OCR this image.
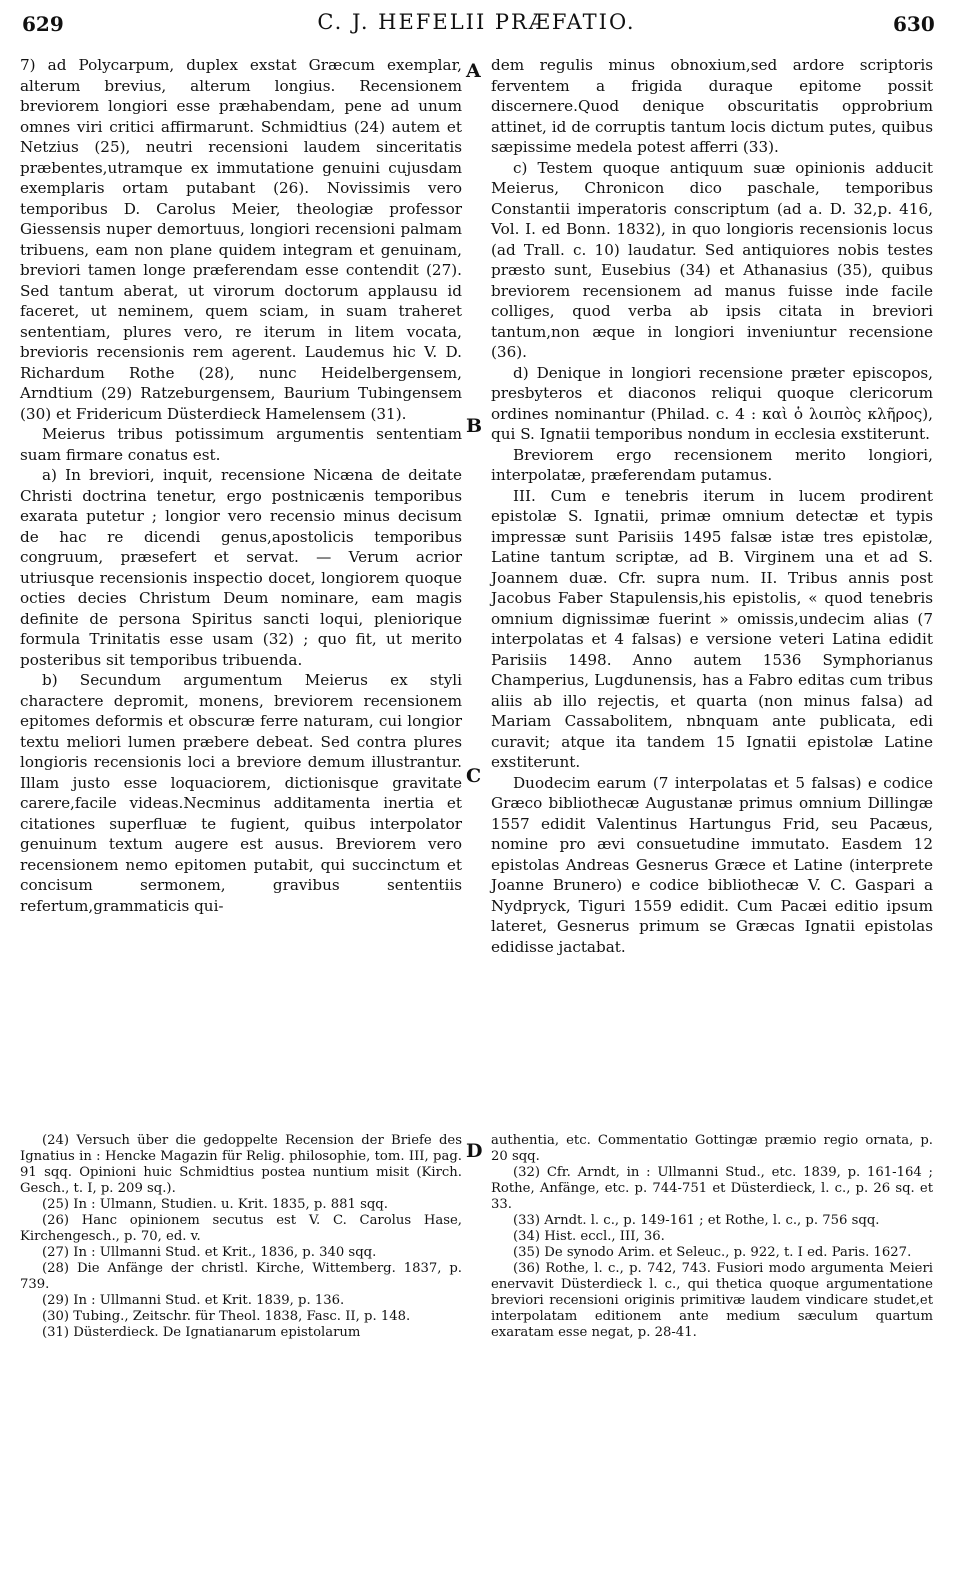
629	C. J. HEFELII PRÆFATIO.	630

7) ad Polycarpum, duplex exstat Græcum exemplar, alterum brevius, alterum longius. Recensionem breviorem longiori esse præhabendam, pene ad unum omnes viri critici affirmarunt. Schmidtius (24) autem et Netzius (25), neutri recensioni laudem sinceritatis præbentes,utramque ex immutatione genuini cujusdam exemplaris ortam putabant (26). Novissimis vero temporibus D. Carolus Meier, theologiæ professor Giessensis nuper demortuus, longiori recensioni palmam tribuens, eam non plane quidem integram et genuinam, breviori tamen longe præferendam esse contendit (27). Sed tantum aberat, ut virorum doctorum applausu id faceret, ut neminem, quem sciam, in suam traheret sententiam, plures vero, re iterum in litem vocata, brevioris recensionis rem agerent. Laudemus hic V. D. Richardum Rothe (28), nunc Heidelbergensem, Arndtium (29) Ratzeburgensem, Baurium Tubingensem (30) et Fridericum Düsterdieck Hamelensem (31).

Meierus tribus potissimum argumentis sententiam suam firmare conatus est.

a) In breviori, inquit, recensione Nicæna de deitate Christi doctrina tenetur, ergo postnicænis temporibus exarata putetur ; longior vero recensio minus decisum de hac re dicendi genus,apostolicis temporibus congruum, præsefert et servat. — Verum acrior utriusque recensionis inspectio docet, longiorem quoque octies decies Christum Deum nominare, eam magis definite de persona Spiritus sancti loqui, pleniorique formula Trinitatis esse usam (32) ; quo fit, ut merito posteribus sit temporibus tribuenda.

b) Secundum argumentum Meierus ex styli charactere depromit, monens, breviorem recensionem epitomes deformis et obscuræ ferre naturam, cui longior textu meliori lumen præbere debeat. Sed contra plures longioris recensionis loci a breviore demum illustrantur. Illam justo esse loquaciorem, dictionisque gravitate carere,facile videas.Necminus additamenta inertia et citationes superfluæ te fugient, quibus interpolator genuinum textum augere est ausus. Breviorem vero recensionem nemo epitomen putabit, qui succinctum et concisum sermonem, gravibus sententiis refertum,grammaticis qui-

dem regulis minus obnoxium,sed ardore scriptoris ferventem a frigida duraque epitome possit discernere.Quod denique obscuritatis opprobrium attinet, id de corruptis tantum locis dictum putes, quibus sæpissime medela potest afferri (33).

c) Testem quoque antiquum suæ opinionis adducit Meierus, Chronicon dico paschale, temporibus Constantii imperatoris conscriptum (ad a. D. 32,p. 416, Vol. I. ed Bonn. 1832), in quo longioris recensionis locus (ad Trall. c. 10) laudatur. Sed antiquiores nobis testes præsto sunt, Eusebius (34) et Athanasius (35), quibus breviorem recensionem ad manus fuisse inde facile colliges, quod verba ab ipsis citata in breviori tantum,non æque in longiori inveniuntur recensione (36).

d) Denique in longiori recensione præter episcopos, presbyteros et diaconos reliqui quoque clericorum ordines nominantur (Philad. c. 4 : καὶ ὁ λοιπὸς κλῆρος), qui S. Ignatii temporibus nondum in ecclesia exstiterunt.

Breviorem ergo recensionem merito longiori, interpolatæ, præferendam putamus.

III. Cum e tenebris iterum in lucem prodirent epistolæ S. Ignatii, primæ omnium detectæ et typis impressæ sunt Parisiis 1495 falsæ istæ tres epistolæ, Latine tantum scriptæ, ad B. Virginem una et ad S. Joannem duæ. Cfr. supra num. II. Tribus annis post Jacobus Faber Stapulensis,his epistolis, « quod tenebris omnium dignissimæ fuerint » omissis,undecim alias (7 interpolatas et 4 falsas) e versione veteri Latina edidit Parisiis 1498. Anno autem 1536 Symphorianus Champerius, Lugdunensis, has a Fabro editas cum tribus aliis ab illo rejectis, et quarta (non minus falsa) ad Mariam Cassabolitem, nbnquam ante publicata, edi curavit; atque ita tandem 15 Ignatii epistolæ Latine exstiterunt.

Duodecim earum (7 interpolatas et 5 falsas) e codice Græco bibliothecæ Augustanæ primus omnium Dillingæ 1557 edidit Valentinus Hartungus Frid, seu Pacæus, nomine pro ævi consuetudine immutato. Easdem 12 epistolas Andreas Gesnerus Græce et Latine (interprete Joanne Brunero) e codice bibliothecæ V. C. Gaspari a Nydpryck, Tiguri 1559 edidit. Cum Pacæi editio ipsum lateret, Gesnerus primum se Græcas Ignatii epistolas edidisse jactabat.

A
B
C
D

(24) Versuch über die gedoppelte Recension der Briefe des Ignatius in : Hencke Magazin für Relig. philosophie, tom. III, pag. 91 sqq. Opinioni huic Schmidtius postea nuntium misit (Kirch. Gesch., t. I, p. 209 sq.).

(25) In : Ulmann, Studien. u. Krit. 1835, p. 881 sqq.

(26) Hanc opinionem secutus est V. C. Carolus Hase, Kirchengesch., p. 70, ed. v.

(27) In : Ullmanni Stud. et Krit., 1836, p. 340 sqq.

(28) Die Anfänge der christl. Kirche, Wittemberg. 1837, p. 739.

(29) In : Ullmanni Stud. et Krit. 1839, p. 136.

(30) Tubing., Zeitschr. für Theol. 1838, Fasc. II, p. 148.

(31) Düsterdieck. De Ignatianarum epistolarum

authentia, etc. Commentatio Gottingæ præmio regio ornata, p. 20 sqq.

(32) Cfr. Arndt, in : Ullmanni Stud., etc. 1839, p. 161-164 ; Rothe, Anfänge, etc. p. 744-751 et Düsterdieck, l. c., p. 26 sq. et 33.

(33) Arndt. l. c., p. 149-161 ; et Rothe, l. c., p. 756 sqq.

(34) Hist. eccl., III, 36.

(35) De synodo Arim. et Seleuc., p. 922, t. I ed. Paris. 1627.

(36) Rothe, l. c., p. 742, 743. Fusiori modo argumenta Meieri enervavit Düsterdieck l. c., qui thetica quoque argumentatione breviori recensioni originis primitivæ laudem vindicare studet,et interpolatam editionem ante medium sæculum quartum exaratam esse negat, p. 28-41.
